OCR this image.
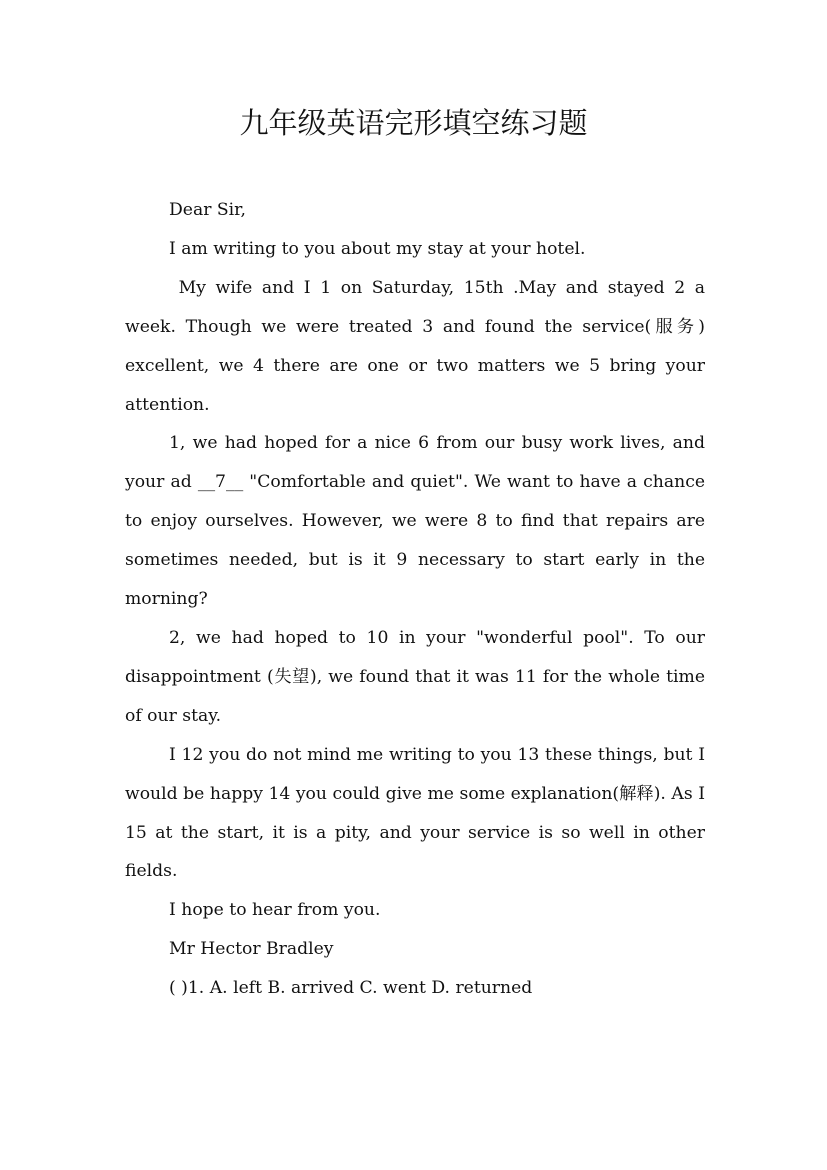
九年级英语完形填空练习题

Dear Sir,

I am writing to you about my stay at your hotel.

My wife and I 1 on Saturday, 15th .May and stayed 2 a week. Though we were treated 3 and found the service(服务) excellent, we 4 there are one or two matters we 5 bring your attention.

1, we had hoped for a nice 6 from our busy work lives, and your ad __7__ "Comfortable and quiet". We want to have a chance to enjoy ourselves. However, we were 8 to find that repairs are sometimes needed, but is it 9 necessary to start early in the morning?

2, we had hoped to 10 in your "wonderful pool". To our disappointment (失望), we found that it was 11 for the whole time of our stay.

I 12 you do not mind me writing to you 13 these things, but I would be happy 14 you could give me some explanation(解释). As I 15 at the start, it is a pity, and your service is so well in other fields.

I hope to hear from you.

Mr Hector Bradley

( )1. A. left B. arrived C. went D. returned
